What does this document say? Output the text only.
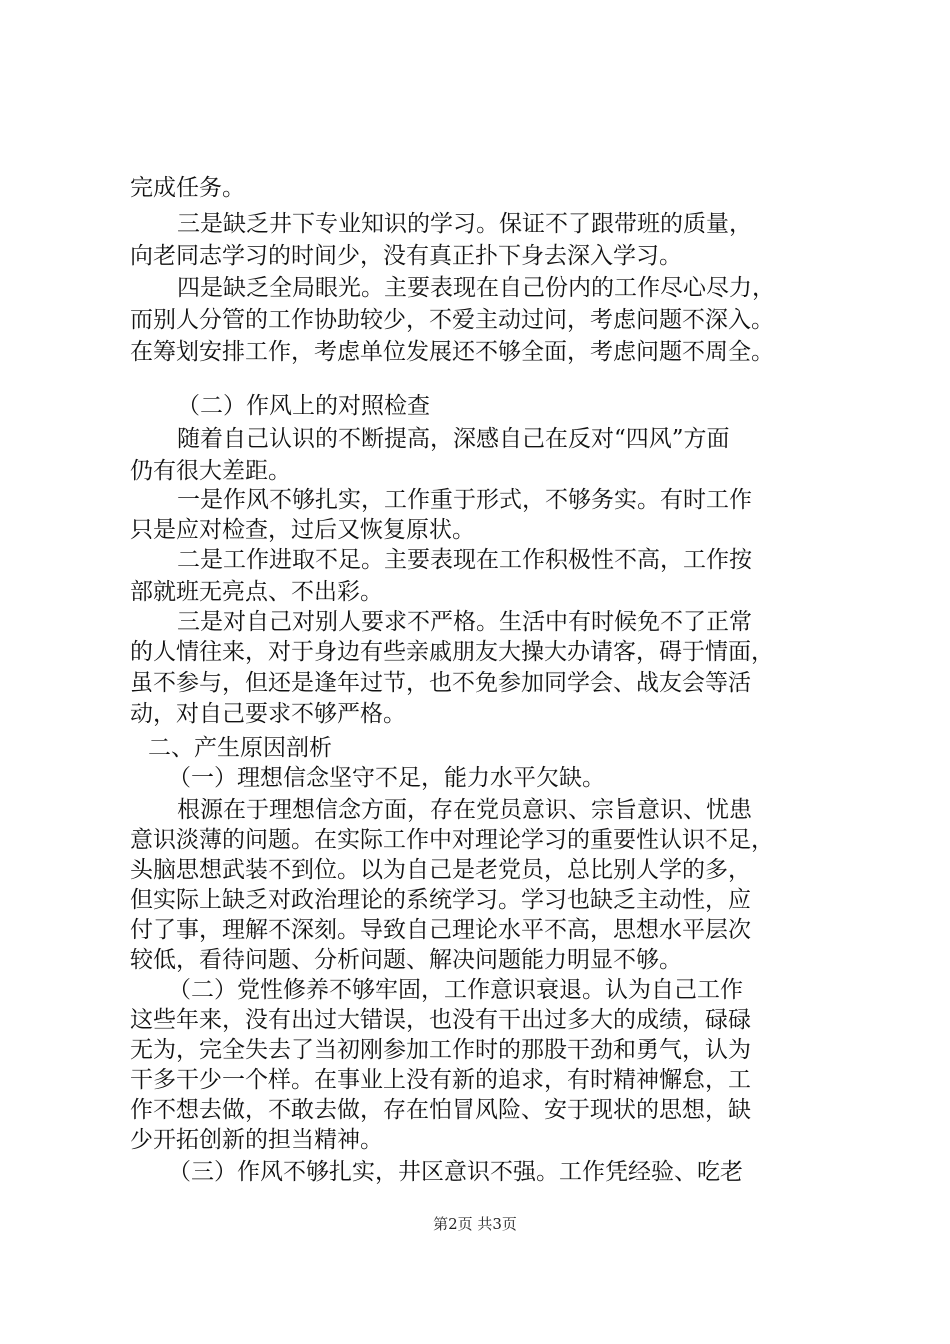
完成任务。
三是缺乏井下专业知识的学习。保证不了跟带班的质量，
向老同志学习的时间少，没有真正扑下身去深入学习。
四是缺乏全局眼光。主要表现在自己份内的工作尽心尽力，
而别人分管的工作协助较少，不爱主动过问，考虑问题不深入。
在筹划安排工作，考虑单位发展还不够全面，考虑问题不周全。
（二）作风上的对照检查
随着自己认识的不断提高，深感自己在反对“四风”方面
仍有很大差距。
一是作风不够扎实，工作重于形式，不够务实。有时工作
只是应对检查，过后又恢复原状。
二是工作进取不足。主要表现在工作积极性不高，工作按
部就班无亮点、不出彩。
三是对自己对别人要求不严格。生活中有时候免不了正常
的人情往来，对于身边有些亲戚朋友大操大办请客，碍于情面，
虽不参与，但还是逢年过节，也不免参加同学会、战友会等活
动，对自己要求不够严格。
二、产生原因剖析
（一）理想信念坚守不足，能力水平欠缺。
根源在于理想信念方面，存在党员意识、宗旨意识、忧患
意识淡薄的问题。在实际工作中对理论学习的重要性认识不足，
头脑思想武装不到位。以为自己是老党员，总比别人学的多，
但实际上缺乏对政治理论的系统学习。学习也缺乏主动性，应
付了事，理解不深刻。导致自己理论水平不高，思想水平层次
较低，看待问题、分析问题、解决问题能力明显不够。
（二）党性修养不够牢固，工作意识衰退。认为自己工作
这些年来，没有出过大错误，也没有干出过多大的成绩，碌碌
无为，完全失去了当初刚参加工作时的那股干劲和勇气，认为
干多干少一个样。在事业上没有新的追求，有时精神懈怠，工
作不想去做，不敢去做，存在怕冒风险、安于现状的思想，缺
少开拓创新的担当精神。
（三）作风不够扎实，井区意识不强。工作凭经验、吃老
第2页 共3页
